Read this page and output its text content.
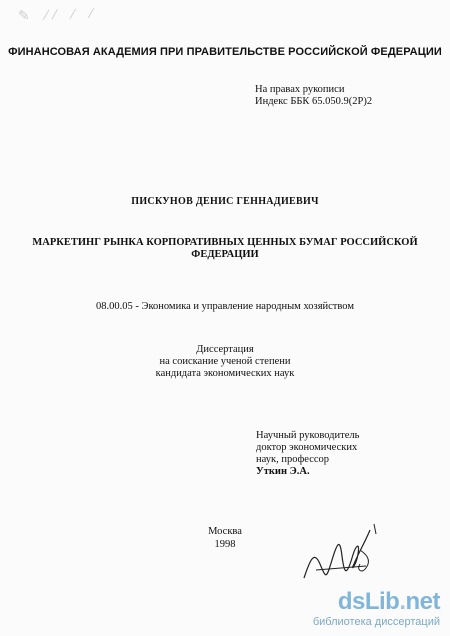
✎ ⁄⁄ ⁄ ⁄
ФИНАНСОВАЯ АКАДЕМИЯ ПРИ ПРАВИТЕЛЬСТВЕ РОССИЙСКОЙ ФЕДЕРАЦИИ
На правах рукописи
Индекс ББК 65.050.9(2Р)2
ПИСКУНОВ ДЕНИС ГЕННАДИЕВИЧ
МАРКЕТИНГ РЫНКА КОРПОРАТИВНЫХ ЦЕННЫХ БУМАГ РОССИЙСКОЙ
ФЕДЕРАЦИИ
08.00.05 - Экономика и управление народным хозяйством
Диссертация
на соискание ученой степени
кандидата экономических наук
Научный руководитель
доктор экономических
наук, профессор
Уткин Э.А.
Москва
1998
dsLib.net
библиотека диссертаций
